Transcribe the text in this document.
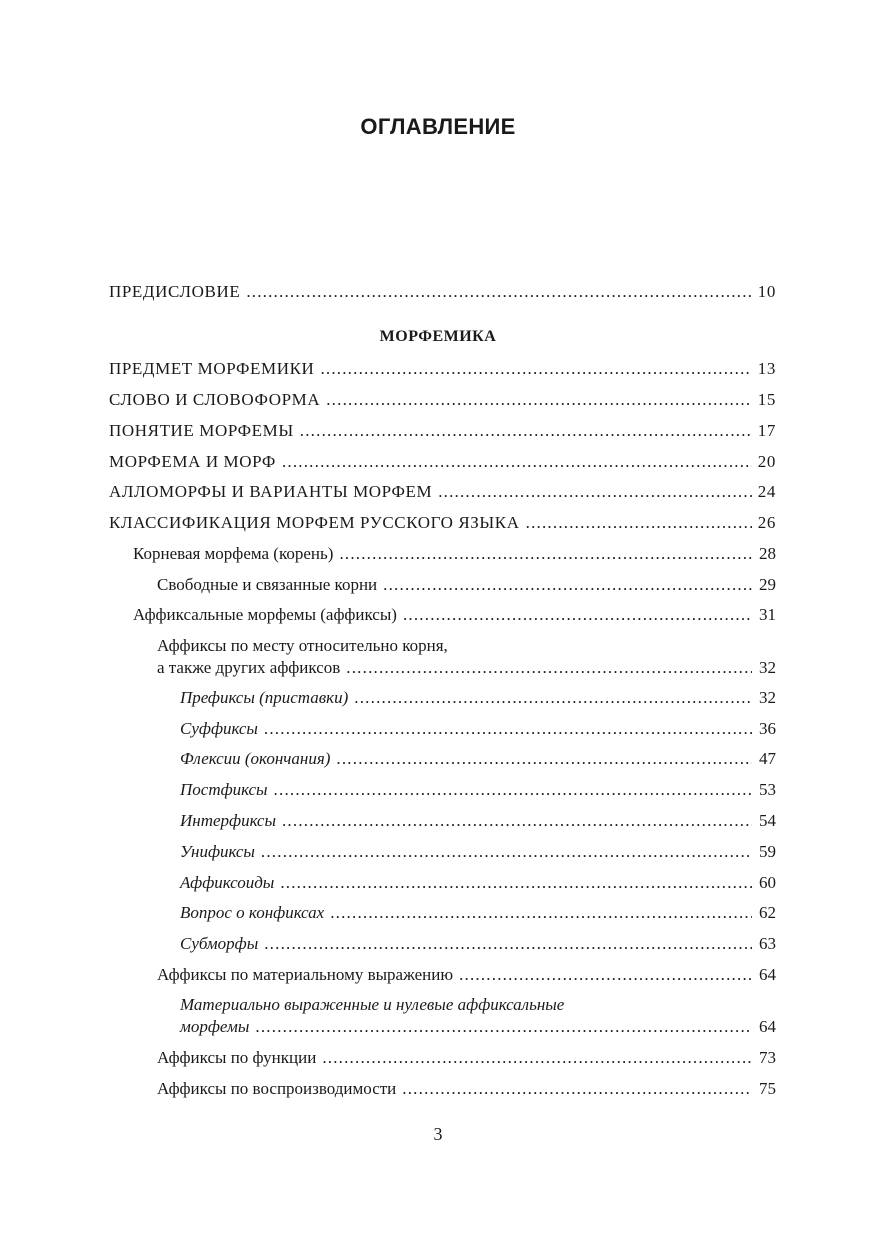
ОГЛАВЛЕНИЕ
ПРЕДИСЛОВИЕ .....	10
МОРФЕМИКА
ПРЕДМЕТ МОРФЕМИКИ .....	13
СЛОВО И СЛОВОФОРМА .....	15
ПОНЯТИЕ МОРФЕМЫ .....	17
МОРФЕМА И МОРФ .....	20
АЛЛОМОРФЫ И ВАРИАНТЫ МОРФЕМ .....	24
КЛАССИФИКАЦИЯ МОРФЕМ РУССКОГО ЯЗЫКА .....	26
Корневая морфема (корень) .....	28
Свободные и связанные корни .....	29
Аффиксальные морфемы (аффиксы) .....	31
Аффиксы по месту относительно корня,
а также других аффиксов .....	32
Префиксы (приставки) .....	32
Суффиксы .....	36
Флексии (окончания) .....	47
Постфиксы .....	53
Интерфиксы .....	54
Унификсы .....	59
Аффиксоиды .....	60
Вопрос о конфиксах .....	62
Субморфы .....	63
Аффиксы по материальному выражению .....	64
Материально выраженные и нулевые аффиксальные
морфемы .....	64
Аффиксы по функции .....	73
Аффиксы по воспроизводимости .....	75
3
